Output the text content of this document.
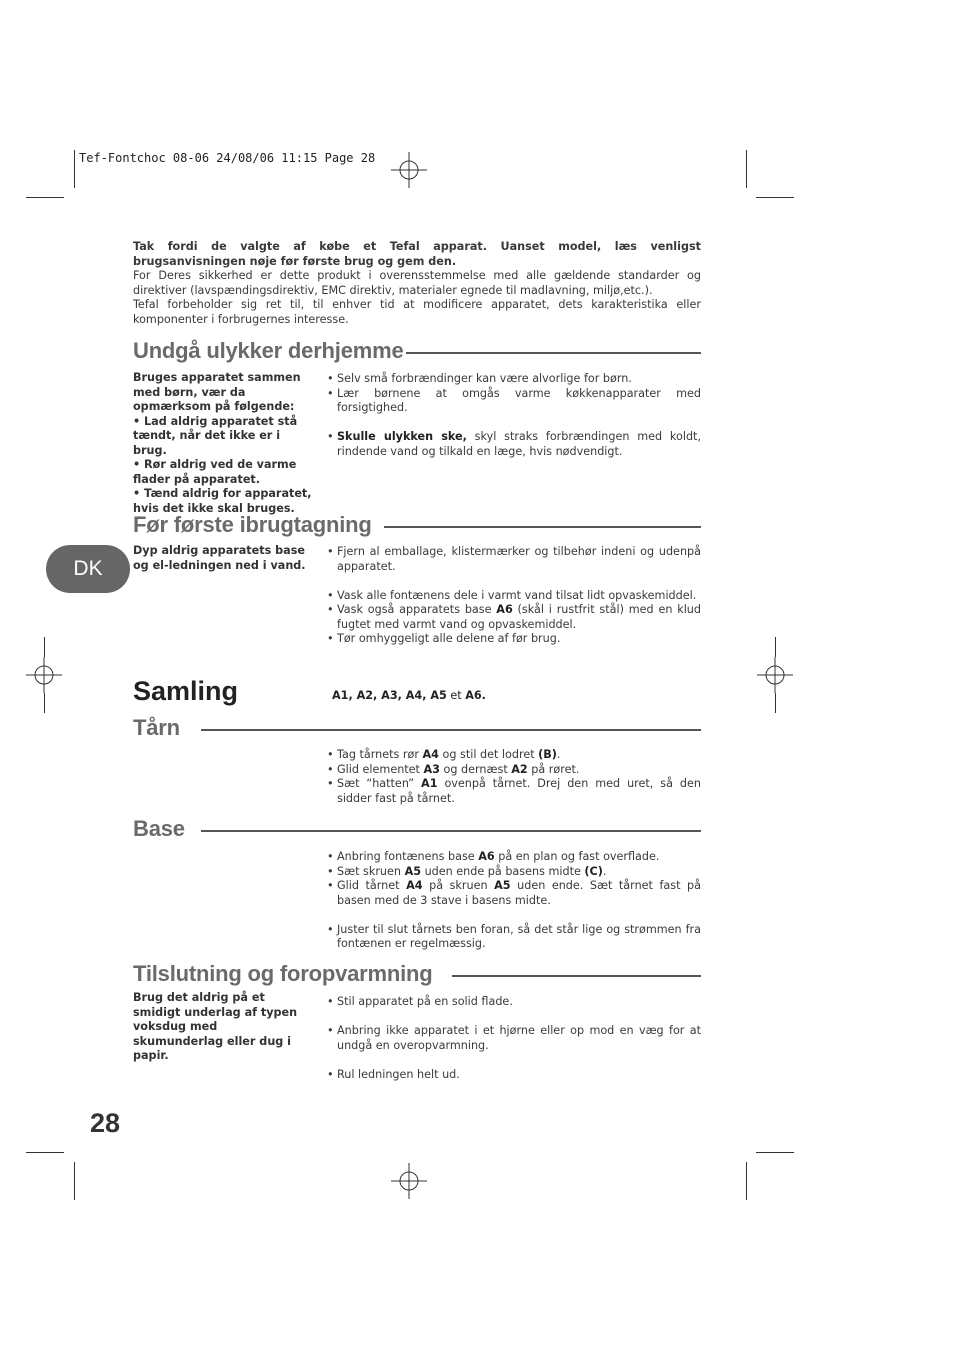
Tef-Fontchoc 08-06 24/08/06 11:15 Page 28

Tak fordi de valgte af købe et Tefal apparat. Uanset model, læs venligst brugsanvisningen nøje før første brug og gem den.

For Deres sikkerhed er dette produkt i overensstemmelse med alle gældende standarder og direktiver (lavspændingsdirektiv, EMC direktiv, materialer egnede til madlavning, miljø,etc.).

Tefal forbeholder sig ret til, til enhver tid at modificere apparatet, dets karakteristika eller komponenter i forbrugernes interesse.

Undgå ulykker derhjemme
Bruges apparatet sammen med børn, vær da opmærksom på følgende:
• Lad aldrig apparatet stå tændt, når det ikke er i brug.
• Rør aldrig ved de varme flader på apparatet.
• Tænd aldrig for apparatet, hvis det ikke skal bruges.
• Selv små forbrændinger kan være alvorlige for børn.
• Lær børnene at omgås varme køkkenapparater med forsigtighed.
• Skulle ulykken ske, skyl straks forbrændingen med koldt, rindende vand og tilkald en læge, hvis nødvendigt.
Før første ibrugtagning
DK
Dyp aldrig apparatets base og el-ledningen ned i vand.
• Fjern al emballage, klistermærker og tilbehør indeni og udenpå apparatet.
• Vask alle fontænens dele i varmt vand tilsat lidt opvaskemiddel.
• Vask også apparatets base A6 (skål i rustfrit stål) med en klud fugtet med varmt vand og opvaskemiddel.
• Tør omhyggeligt alle delene af før brug.
Samling	A1, A2, A3, A4, A5 et A6.
Tårn
• Tag tårnets rør A4 og stil det lodret (B).
• Glid elementet A3 og dernæst A2 på røret.
• Sæt “hatten” A1 ovenpå tårnet. Drej den med uret, så den sidder fast på tårnet.
Base
• Anbring fontænens base A6 på en plan og fast overflade.
• Sæt skruen A5 uden ende på basens midte (C).
• Glid tårnet A4 på skruen A5 uden ende. Sæt tårnet fast på basen med de 3 stave i basens midte.
• Juster til slut tårnets ben foran, så det står lige og strømmen fra fontænen er regelmæssig.
Tilslutning og foropvarmning
Brug det aldrig på et smidigt underlag af typen voksdug med skumunderlag eller dug i papir.
• Stil apparatet på en solid flade.
• Anbring ikke apparatet i et hjørne eller op mod en væg for at undgå en overopvarmning.
• Rul ledningen helt ud.
28
